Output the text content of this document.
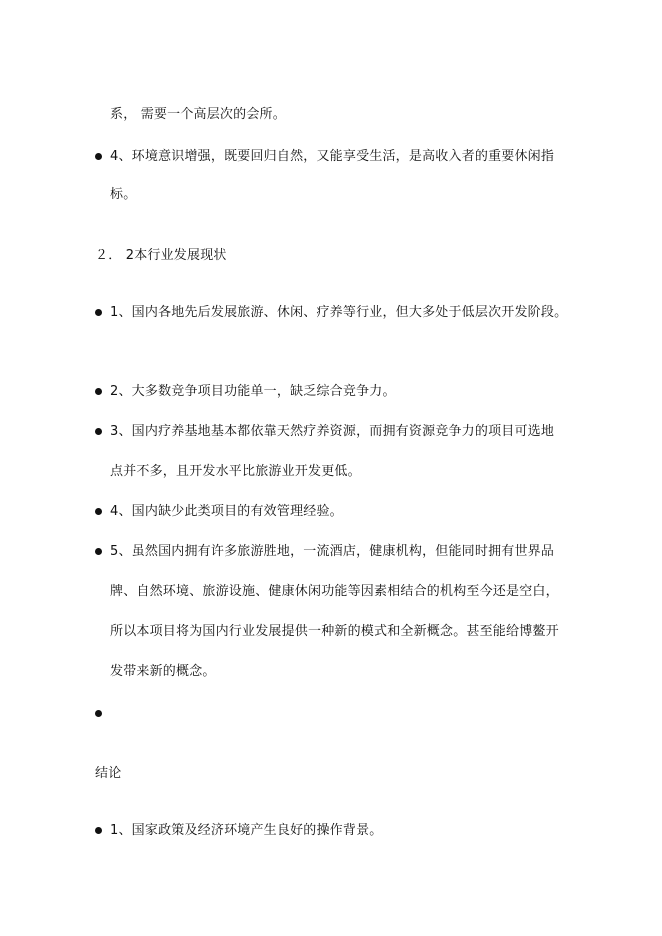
系， 需要一个高层次的会所。
4、环境意识增强，既要回归自然，又能享受生活，是高收入者的重要休闲指
标。
２． 2本行业发展现状
1、国内各地先后发展旅游、休闲、疗养等行业，但大多处于低层次开发阶段。
2、大多数竞争项目功能单一，缺乏综合竞争力。
3、国内疗养基地基本都依靠天然疗养资源，而拥有资源竞争力的项目可选地
点并不多，且开发水平比旅游业开发更低。
4、国内缺少此类项目的有效管理经验。
5、虽然国内拥有许多旅游胜地，一流酒店，健康机构，但能同时拥有世界品
牌、自然环境、旅游设施、健康休闲功能等因素相结合的机构至今还是空白，
所以本项目将为国内行业发展提供一种新的模式和全新概念。甚至能给博鳌开
发带来新的概念。
结论
1、国家政策及经济环境产生良好的操作背景。
